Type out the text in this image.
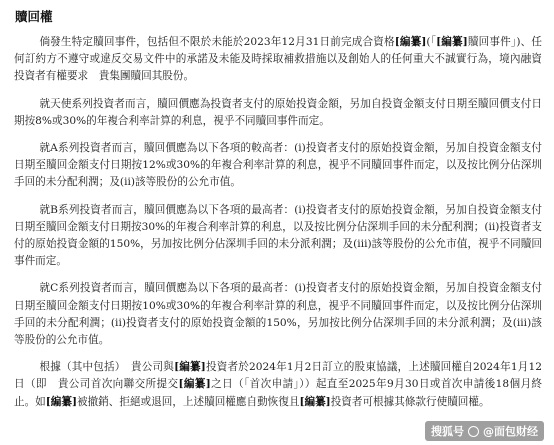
贖回權

倘發生特定贖回事件，包括但不限於未能於2023年12月31日前完成合資格[編纂](「[編纂]贖回事件」)、任何訂約方不遵守或違反交易文件中的承諾及未能及時採取補救措施以及創始人的任何重大不誠實行為，境內融資投資者有權要求　貴集團贖回其股份。

就天使系列投資者而言，贖回價應為投資者支付的原始投資金額，另加自投資金額支付日期至贖回價支付日期按8%或30%的年複合利率計算的利息，視乎不同贖回事件而定。

就A系列投資者而言，贖回價應為以下各項的較高者：(i)投資者支付的原始投資金額，另加自投資金額支付日期至贖回金額支付日期按12%或30%的年複合利率計算的利息，視乎不同贖回事件而定，以及按比例分佔深圳手回的未分配利潤；及(ii)該等股份的公允市值。

就B系列投資者而言，贖回價應為以下各項的最高者：(i)投資者支付的原始投資金額，另加自投資金額支付日期至贖回金額支付日期按30%的年複合利率計算的利息，以及按比例分佔深圳手回的未分配利潤；(ii)投資者支付的原始投資金額的150%，另加按比例分佔深圳手回的未分派利潤；及(iii)該等股份的公允市值，視乎不同贖回事件而定。

就C系列投資者而言，贖回價應為以下各項的最高者：(i)投資者支付的原始投資金額，另加自投資金額支付日期至贖回金額支付日期按10%或30%的年複合利率計算的利息，視乎不同贖回事件而定，以及按比例分佔深圳手回的未分配利潤；(ii)投資者支付的原始投資金額的150%，另加按比例分佔深圳手回的未分派利潤；及(iii)該等股份的公允市值。

根據（其中包括）　貴公司與[編纂]投資者於2024年1月2日訂立的股東協議，上述贖回權自2024年1月12日（即　貴公司首次向聯交所提交[編纂]之日（「首次申請」））起直至2025年9月30日或首次申請後18個月終止。如[編纂]被撤銷、拒絕或退回，上述贖回權應自動恢復且[編纂]投資者可根據其條款行使贖回權。

搜狐号 @面包财经
